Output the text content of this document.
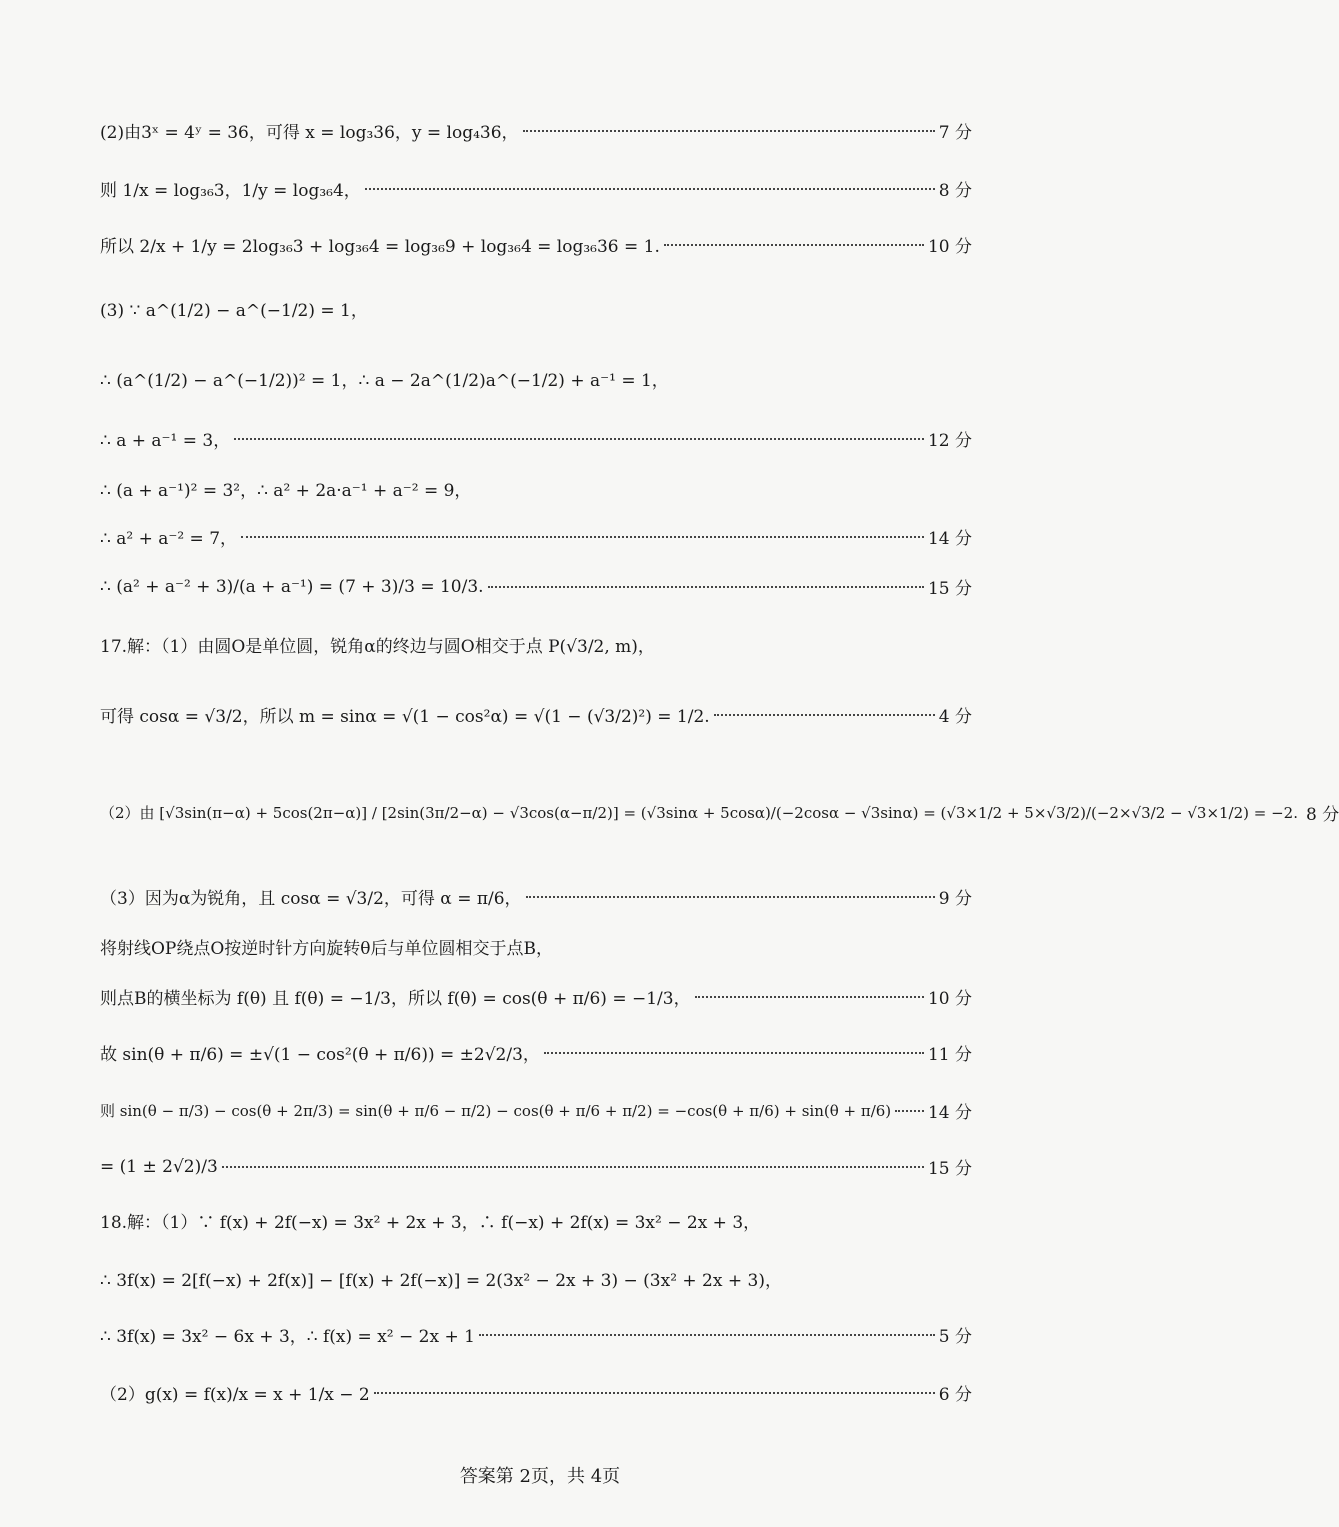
(2)由3ˣ = 4ʸ = 36，可得 x = log₃36，y = log₄36，	7 分
则 1/x = log₃₆3，1/y = log₃₆4，	8 分
所以 2/x + 1/y = 2log₃₆3 + log₃₆4 = log₃₆9 + log₃₆4 = log₃₆36 = 1.	10 分
(3) ∵ a^(1/2) − a^(−1/2) = 1，
∴ (a^(1/2) − a^(−1/2))² = 1，∴ a − 2a^(1/2)a^(−1/2) + a⁻¹ = 1，
∴ a + a⁻¹ = 3，	12 分
∴ (a + a⁻¹)² = 3²，∴ a² + 2a·a⁻¹ + a⁻² = 9，
∴ a² + a⁻² = 7，	14 分
∴ (a² + a⁻² + 3)/(a + a⁻¹) = (7 + 3)/3 = 10/3.	15 分
17.解：（1）由圆O是单位圆，锐角α的终边与圆O相交于点 P(√3/2, m)，
可得 cosα = √3/2，所以 m = sinα = √(1 − cos²α) = √(1 − (√3/2)²) = 1/2.	4 分
（2）由 [√3sin(π−α) + 5cos(2π−α)] / [2sin(3π/2−α) − √3cos(α−π/2)] = (√3sinα + 5cosα)/(−2cosα − √3sinα) = (√3×1/2 + 5×√3/2)/(−2×√3/2 − √3×1/2) = −2. 8 分
（3）因为α为锐角，且 cosα = √3/2，可得 α = π/6，	9 分
将射线OP绕点O按逆时针方向旋转θ后与单位圆相交于点B，
则点B的横坐标为 f(θ) 且 f(θ) = −1/3，所以 f(θ) = cos(θ + π/6) = −1/3，	10 分
故 sin(θ + π/6) = ±√(1 − cos²(θ + π/6)) = ±2√2/3，	11 分
则 sin(θ − π/3) − cos(θ + 2π/3) = sin(θ + π/6 − π/2) − cos(θ + π/6 + π/2) = −cos(θ + π/6) + sin(θ + π/6) 14 分
= (1 ± 2√2)/3	15 分
18.解：（1）∵ f(x) + 2f(−x) = 3x² + 2x + 3，∴ f(−x) + 2f(x) = 3x² − 2x + 3，
∴ 3f(x) = 2[f(−x) + 2f(x)] − [f(x) + 2f(−x)] = 2(3x² − 2x + 3) − (3x² + 2x + 3)，
∴ 3f(x) = 3x² − 6x + 3，∴ f(x) = x² − 2x + 1	5 分
（2）g(x) = f(x)/x = x + 1/x − 2	6 分
答案第 2页，共 4页
